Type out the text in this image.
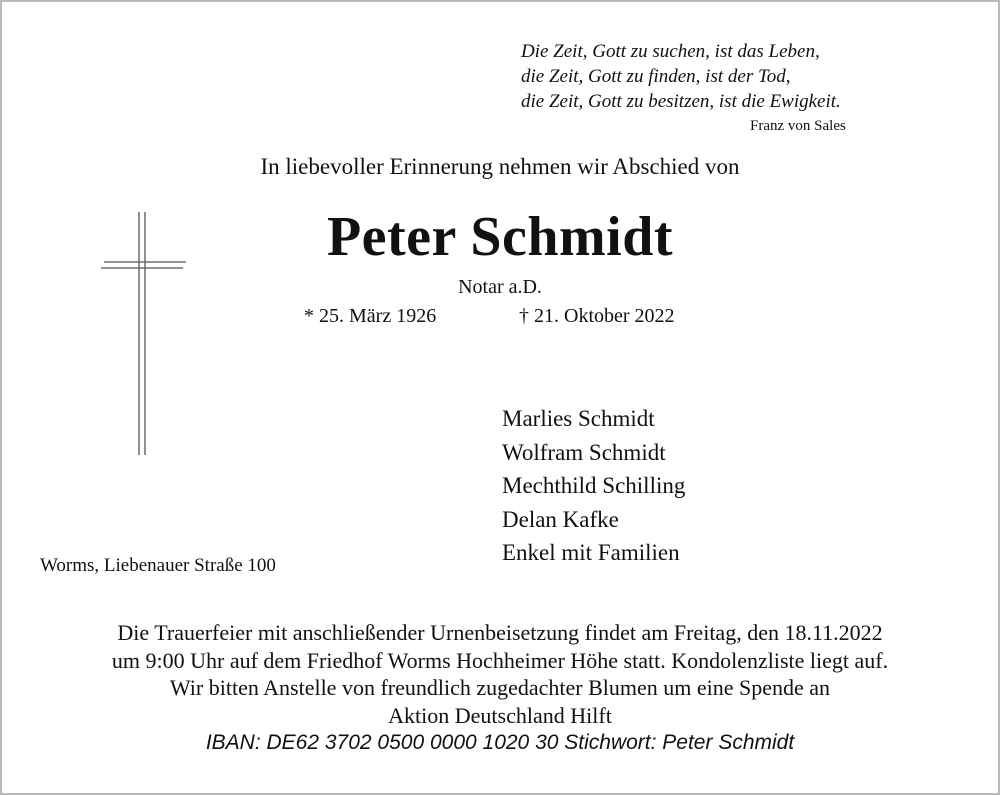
Die Zeit, Gott zu suchen, ist das Leben,
die Zeit, Gott zu finden, ist der Tod,
die Zeit, Gott zu besitzen, ist die Ewigkeit.
Franz von Sales
In liebevoller Erinnerung nehmen wir Abschied von
Peter Schmidt
Notar a.D.
* 25. März 1926	† 21. Oktober 2022
Marlies Schmidt
Wolfram Schmidt
Mechthild Schilling
Delan Kafke
Enkel mit Familien
Worms, Liebenauer Straße 100
Die Trauerfeier mit anschließender Urnenbeisetzung findet am Freitag, den 18.11.2022
um 9:00 Uhr auf dem Friedhof Worms Hochheimer Höhe statt. Kondolenzliste liegt auf.
Wir bitten Anstelle von freundlich zugedachter Blumen um eine Spende an
Aktion Deutschland Hilft
IBAN: DE62 3702 0500 0000 1020 30 Stichwort: Peter Schmidt
